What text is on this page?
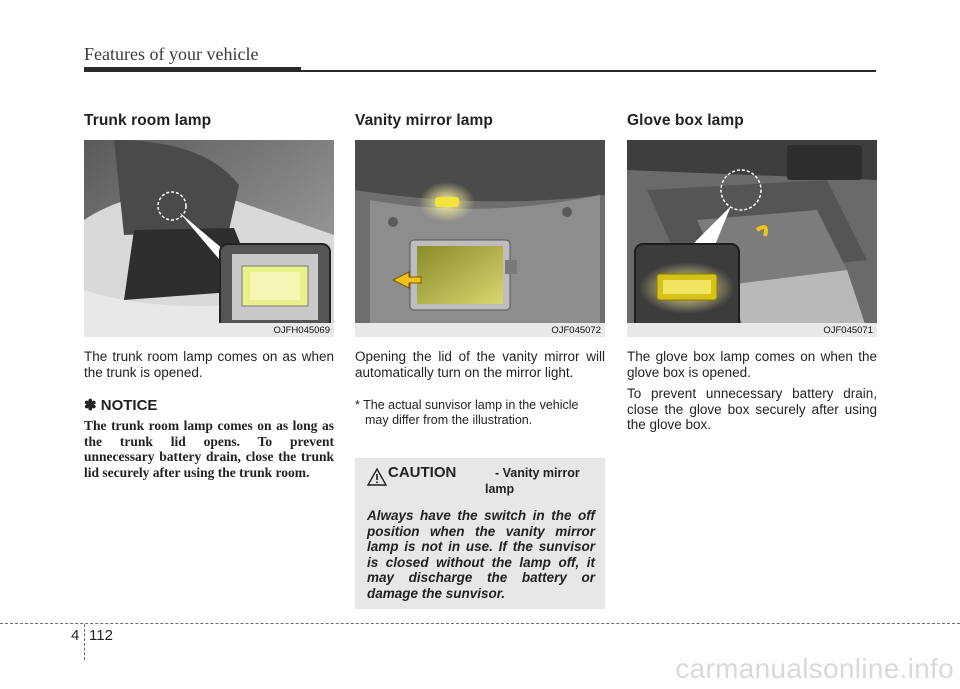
Features of your vehicle
Trunk room lamp
OJFH045069

The trunk room lamp comes on as when the trunk is opened.

✽ NOTICE

The trunk room lamp comes on as long as the trunk lid opens. To prevent unnecessary battery drain, close the trunk lid securely after using the trunk room.

Vanity mirror lamp
OJF045072

Opening the lid of the vanity mirror will automatically turn on the mirror light.

* The actual sunvisor lamp in the vehicle may differ from the illustration.

CAUTION	- Vanity mirror
lamp

Always have the switch in the off position when the vanity mirror lamp is not in use. If the sunvisor is closed without the lamp off, it may discharge the battery or damage the sunvisor.

Glove box lamp
OJF045071

The glove box lamp comes on when the glove box is opened.

To prevent unnecessary battery drain, close the glove box securely after using the glove box.

4 112
carmanualsonline.info
